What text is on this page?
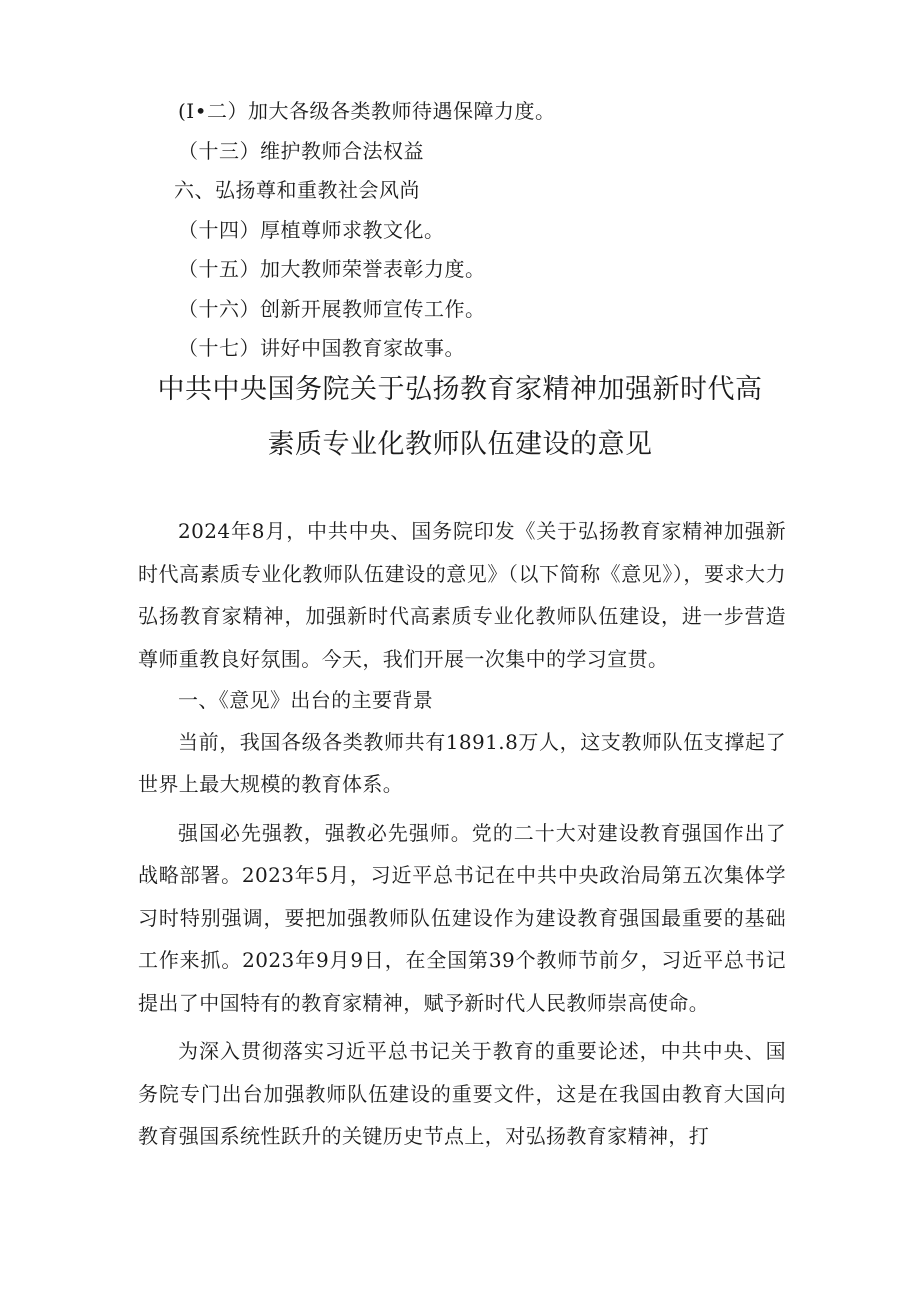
(I•二）加大各级各类教师待遇保障力度。
（十三）维护教师合法权益
六、弘扬尊和重教社会风尚
（十四）厚植尊师求教文化。
（十五）加大教师荣誉表彰力度。
（十六）创新开展教师宣传工作。
（十七）讲好中国教育家故事。
中共中央国务院关于弘扬教育家精神加强新时代高
素质专业化教师队伍建设的意见

2024年8月，中共中央、国务院印发《关于弘扬教育家精神加强新时代高素质专业化教师队伍建设的意见》（以下简称《意见》），要求大力弘扬教育家精神，加强新时代高素质专业化教师队伍建设，进一步营造尊师重教良好氛围。今天，我们开展一次集中的学习宣贯。

一、《意见》出台的主要背景

当前，我国各级各类教师共有1891.8万人，这支教师队伍支撑起了世界上最大规模的教育体系。

强国必先强教，强教必先强师。党的二十大对建设教育强国作出了战略部署。2023年5月，习近平总书记在中共中央政治局第五次集体学习时特别强调，要把加强教师队伍建设作为建设教育强国最重要的基础工作来抓。2023年9月9日，在全国第39个教师节前夕，习近平总书记提出了中国特有的教育家精神，赋予新时代人民教师崇高使命。

为深入贯彻落实习近平总书记关于教育的重要论述，中共中央、国务院专门出台加强教师队伍建设的重要文件，这是在我国由教育大国向教育强国系统性跃升的关键历史节点上，对弘扬教育家精神，打
